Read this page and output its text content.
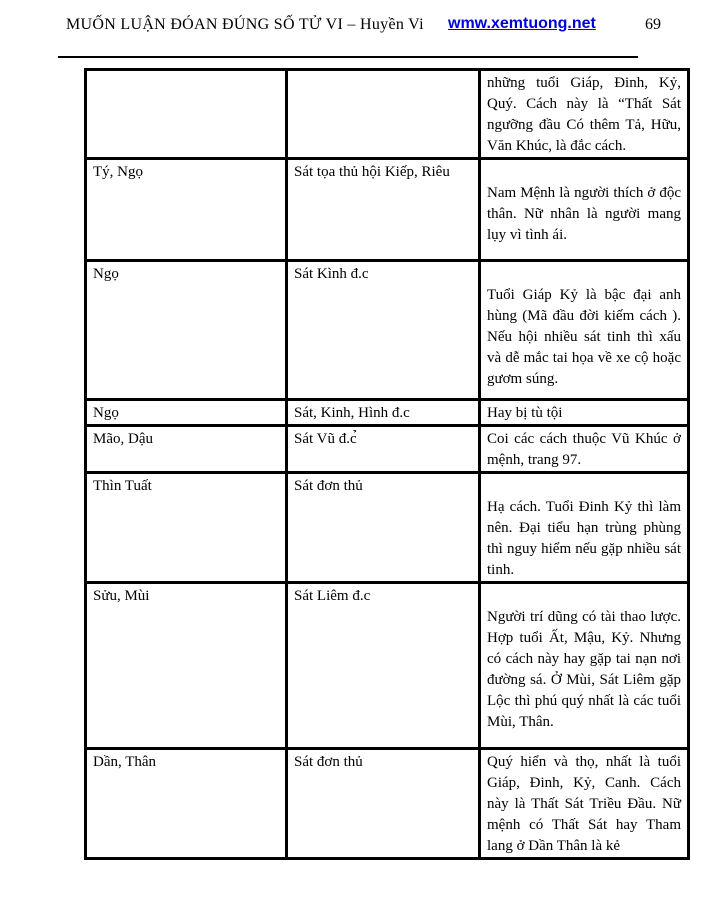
MUỐN LUẬN ĐÓAN ĐÚNG SỐ TỬ VI – Huyền Vi wmw.xemtuong.net	69

		những tuổi Giáp, Đinh, Kỷ, Quý. Cách này là “Thất Sát ngưỡng đầu Có thêm Tả, Hữu, Văn Khúc, là đắc cách.

Tý, Ngọ	Sát tọa thủ hội Kiếp, Riêu	Nam Mệnh là người thích ở độc thân. Nữ nhân là người mang lụy vì tình ái.

Ngọ	Sát Kình đ.c	Tuổi Giáp Kỷ là bậc đại anh hùng (Mã đầu đời kiếm cách ). Nếu hội nhiều sát tinh thì xấu và dễ mắc tai họa về xe cộ hoặc gươm súng.

Ngọ	Sát, Kinh, Hình đ.c	Hay bị tù tội

Mão, Dậu	Sát Vũ đ.c̉	Coi các cách thuộc Vũ Khúc ở mệnh, trang 97.

Thìn Tuất	Sát đơn thủ	Hạ cách. Tuổi Đinh Kỷ thì làm nên. Đại tiểu hạn trùng phùng thì nguy hiểm nếu gặp nhiều sát tinh.

Sửu, Mùi	Sát Liêm đ.c	Người trí dũng có tài thao lược. Hợp tuổi Ất, Mậu, Kỷ. Nhưng có cách này hay gặp tai nạn nơi đường sá. Ở Mùi, Sát Liêm gặp Lộc thì phú quý nhất là các tuổi Mùi, Thân.

Dần, Thân	Sát đơn thủ	Quý hiển và thọ, nhất là tuổi Giáp, Đinh, Kỷ, Canh. Cách này là Thất Sát Triều Đầu. Nữ mệnh có Thất Sát hay Tham lang ở Dần Thân là kẻ
